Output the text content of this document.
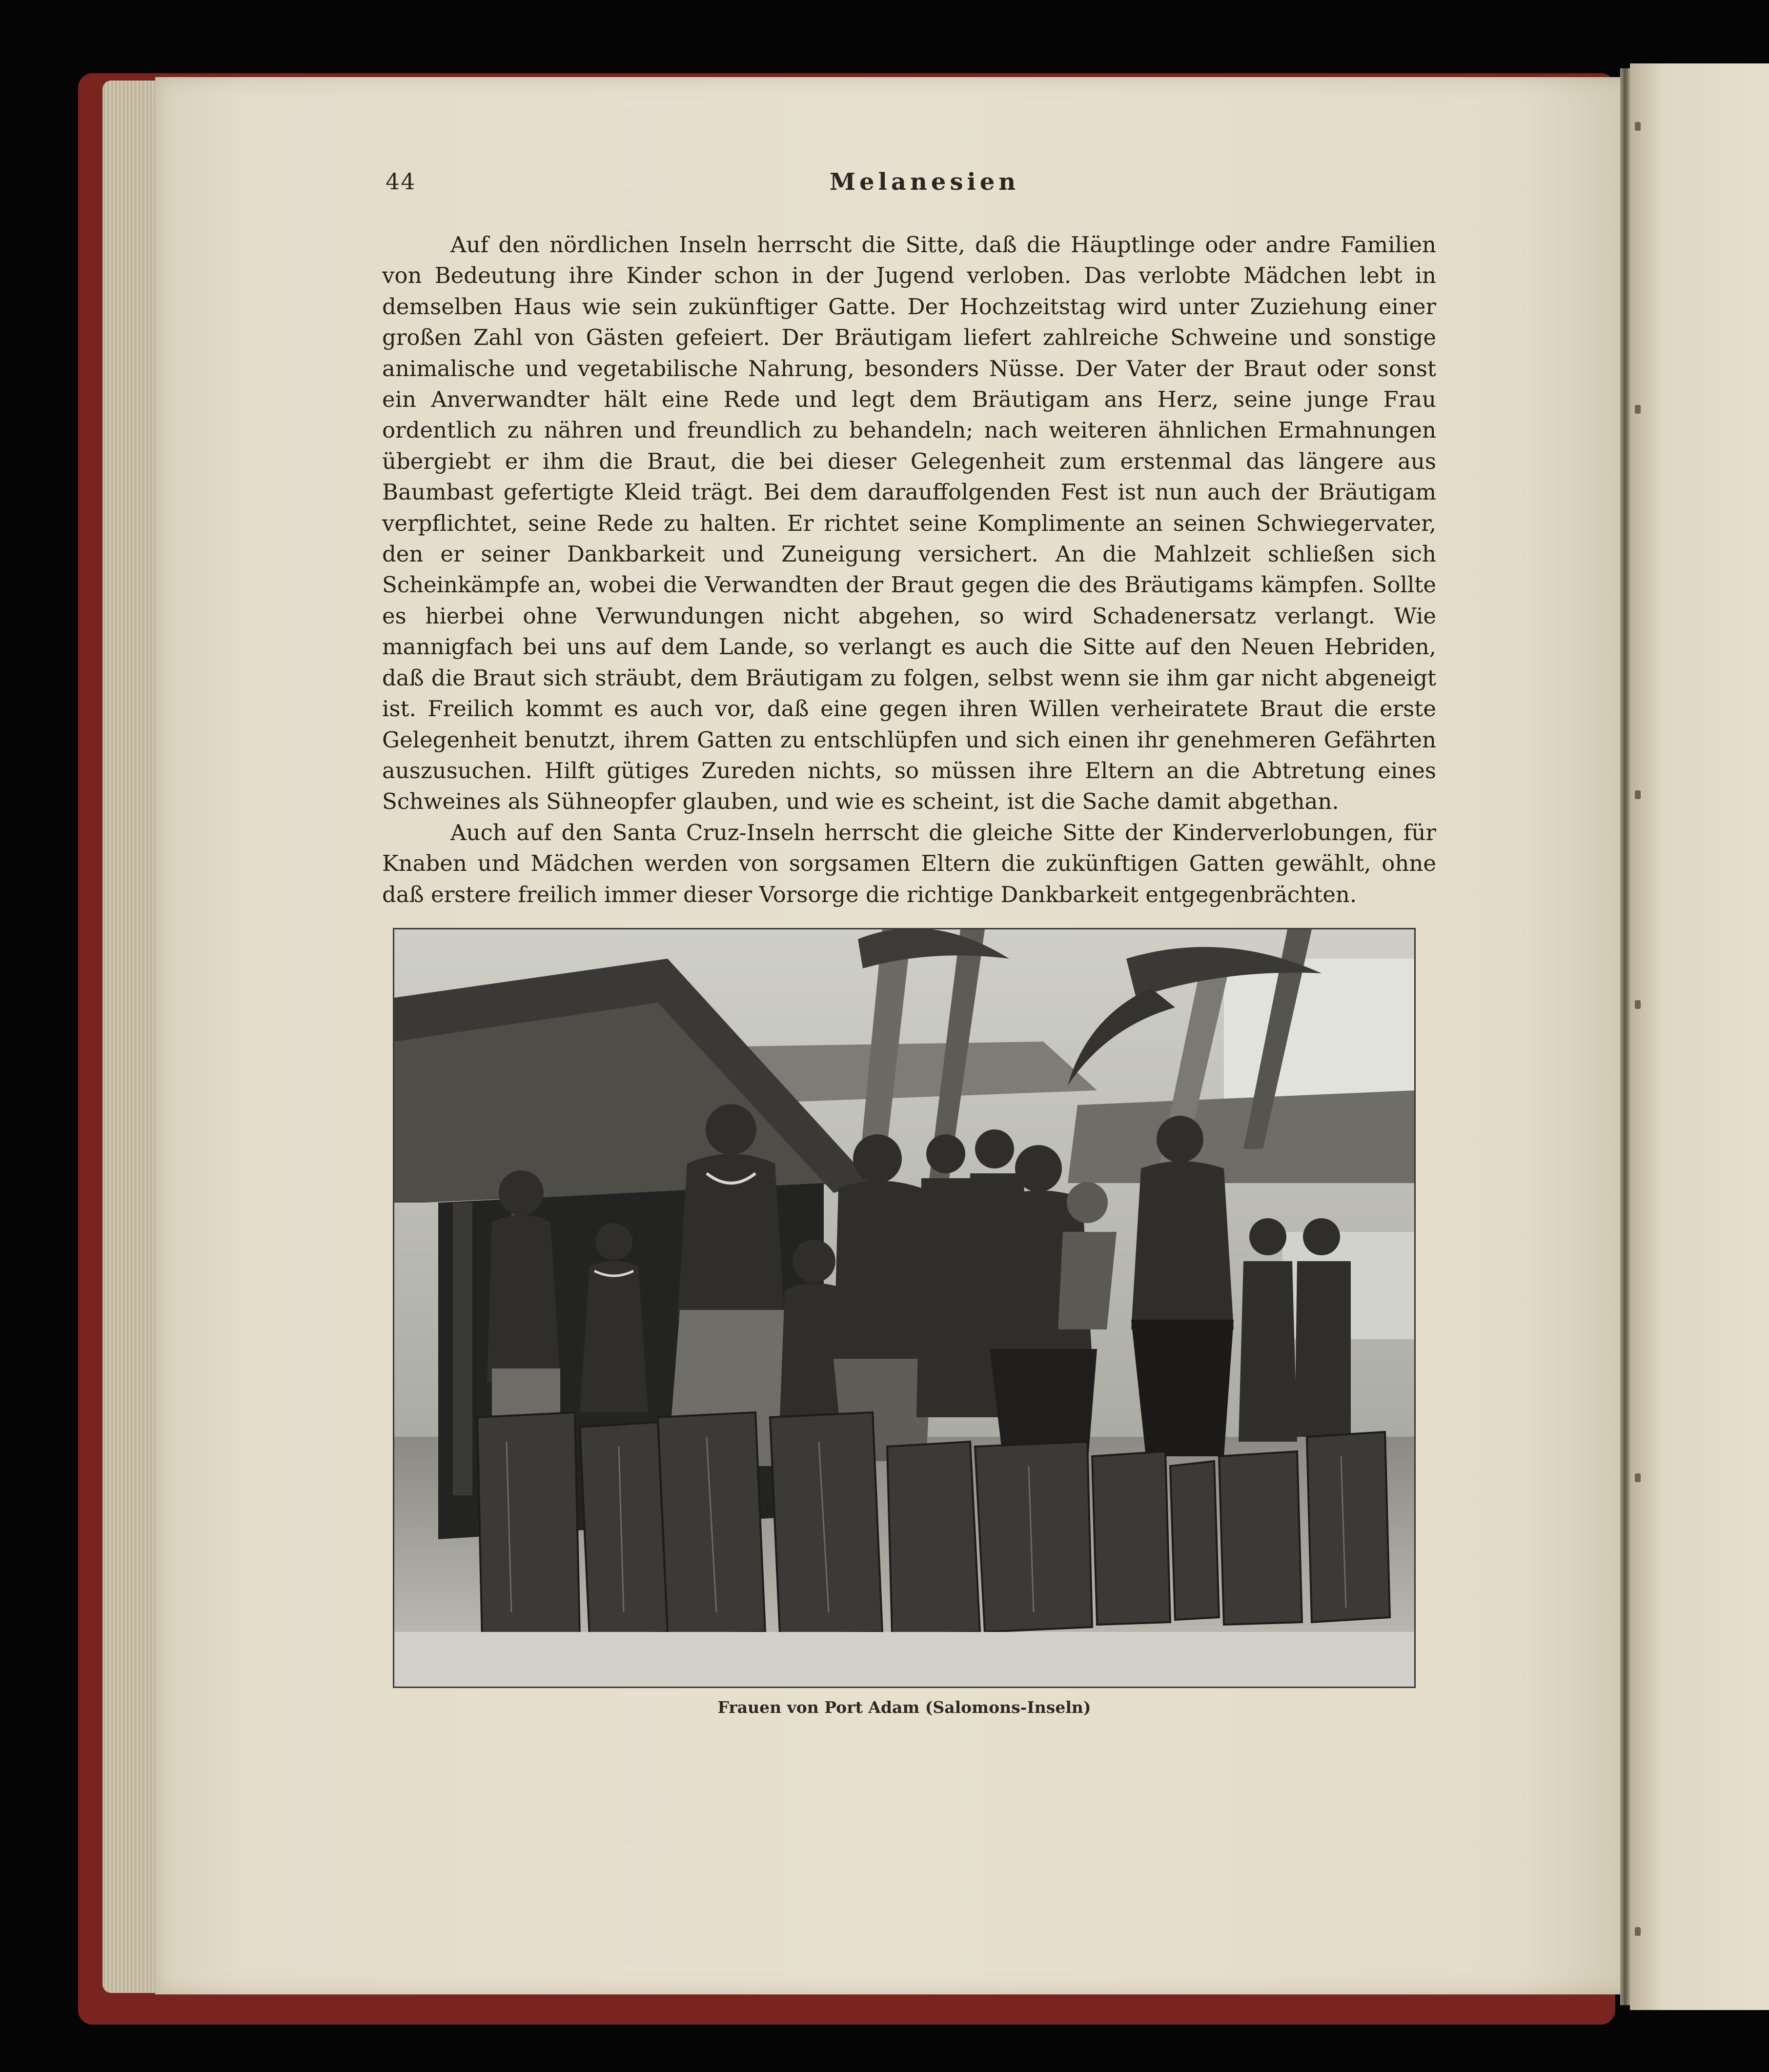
44	Melanesien

Auf den nördlichen Inseln herrscht die Sitte, daß die Häuptlinge oder andre Familien von Bedeutung ihre Kinder schon in der Jugend verloben. Das verlobte Mädchen lebt in demselben Haus wie sein zukünftiger Gatte. Der Hochzeitstag wird unter Zuziehung einer großen Zahl von Gästen gefeiert. Der Bräutigam liefert zahlreiche Schweine und sonstige animalische und vegetabilische Nahrung, besonders Nüsse. Der Vater der Braut oder sonst ein Anverwandter hält eine Rede und legt dem Bräutigam ans Herz, seine junge Frau ordentlich zu nähren und freundlich zu behandeln; nach weiteren ähnlichen Ermahnungen übergiebt er ihm die Braut, die bei dieser Gelegenheit zum erstenmal das längere aus Baumbast gefertigte Kleid trägt. Bei dem darauffolgenden Fest ist nun auch der Bräutigam verpflichtet, seine Rede zu halten. Er richtet seine Komplimente an seinen Schwiegervater, den er seiner Dankbarkeit und Zuneigung versichert. An die Mahlzeit schließen sich Scheinkämpfe an, wobei die Verwandten der Braut gegen die des Bräutigams kämpfen. Sollte es hierbei ohne Verwundungen nicht abgehen, so wird Schadenersatz verlangt. Wie mannigfach bei uns auf dem Lande, so verlangt es auch die Sitte auf den Neuen Hebriden, daß die Braut sich sträubt, dem Bräutigam zu folgen, selbst wenn sie ihm gar nicht abgeneigt ist. Freilich kommt es auch vor, daß eine gegen ihren Willen verheiratete Braut die erste Gelegenheit benutzt, ihrem Gatten zu entschlüpfen und sich einen ihr genehmeren Gefährten auszusuchen. Hilft gütiges Zureden nichts, so müssen ihre Eltern an die Abtretung eines Schweines als Sühneopfer glauben, und wie es scheint, ist die Sache damit abgethan.

Auch auf den Santa Cruz-Inseln herrscht die gleiche Sitte der Kinderverlobungen, für Knaben und Mädchen werden von sorgsamen Eltern die zukünftigen Gatten gewählt, ohne daß erstere freilich immer dieser Vorsorge die richtige Dankbarkeit entgegenbrächten.

Frauen von Port Adam (Salomons-Inseln)
